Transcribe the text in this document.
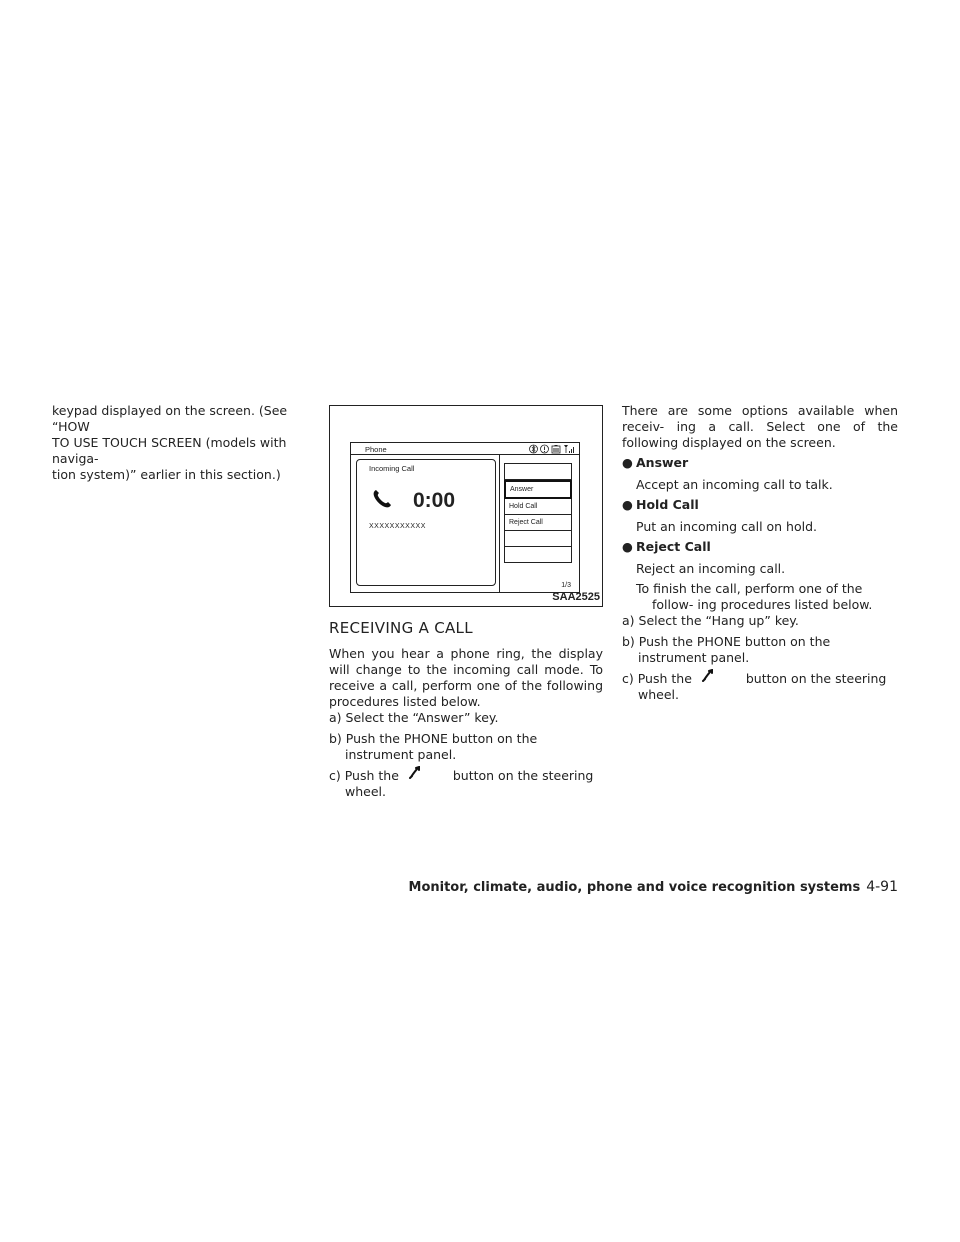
keypad displayed on the screen. (See “HOW

TO USE TOUCH SCREEN (models with naviga-

tion system)” earlier in this section.)

Phone
Incoming Call
0:00
XXXXXXXXXXX
Answer
Hold Call
Reject Call
1/3
SAA2525
RECEIVING A CALL

When you hear a phone ring, the display will change to the incoming call mode. To receive a call, perform one of the following procedures listed below.

a) Select the “Answer” key.

b) Push the PHONE button on the instrument panel.

c) Push the	button on the steering wheel.

There are some options available when receiv- ing a call. Select one of the following displayed on the screen.

● Answer

Accept an incoming call to talk.

● Hold Call

Put an incoming call on hold.

● Reject Call

Reject an incoming call.

To finish the call, perform one of the follow- ing procedures listed below.

a) Select the “Hang up” key.

b) Push the PHONE button on the instrument panel.

c) Push the	button on the steering wheel.

Monitor, climate, audio, phone and voice recognition systems 4-91
